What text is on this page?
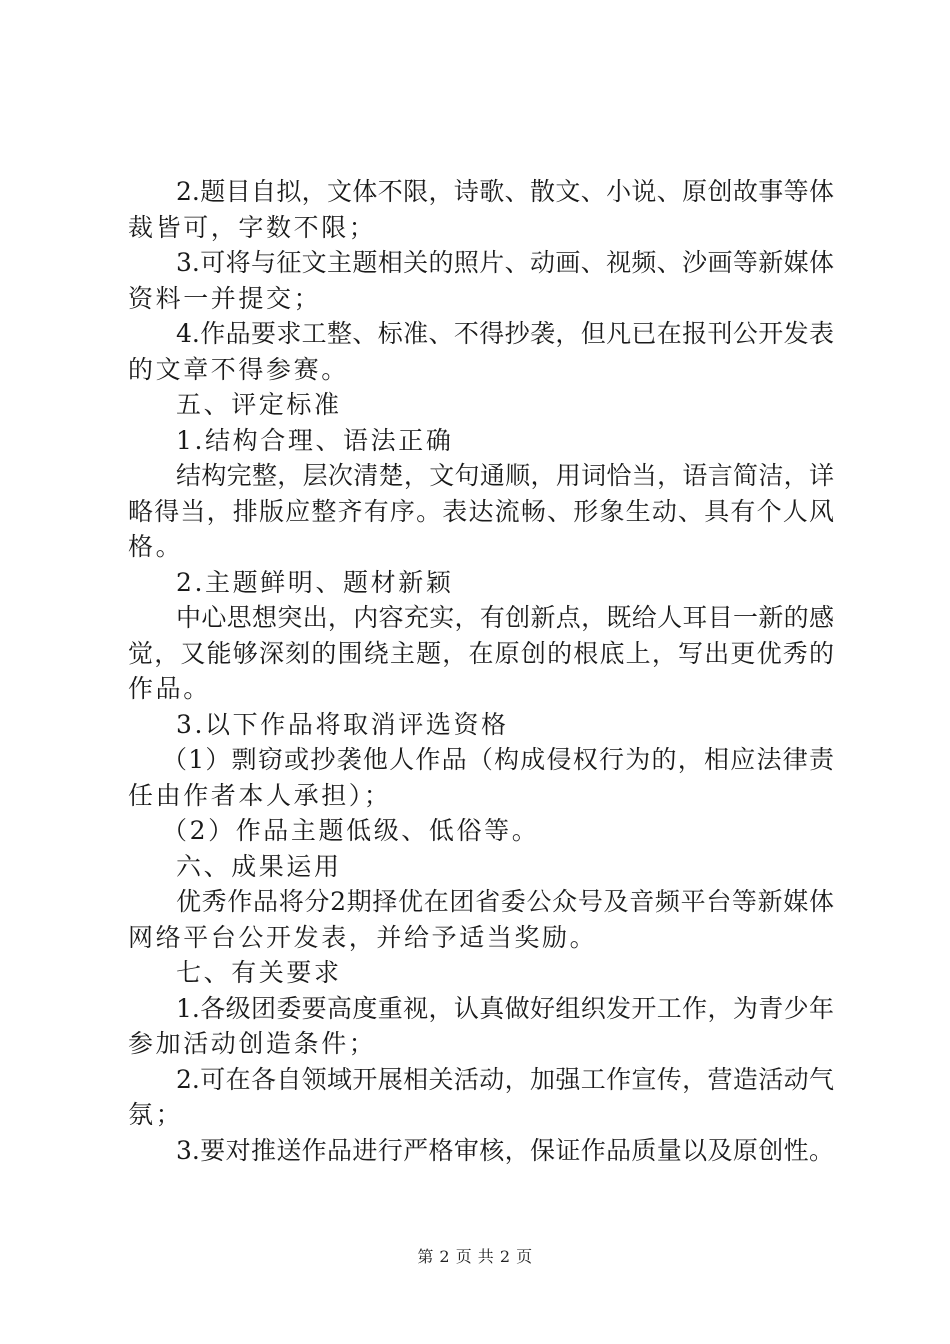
2.题目自拟，文体不限，诗歌、散文、小说、原创故事等体
裁皆可，字数不限；
3.可将与征文主题相关的照片、动画、视频、沙画等新媒体
资料一并提交；
4.作品要求工整、标准、不得抄袭，但凡已在报刊公开发表
的文章不得参赛。
五、评定标准
1.结构合理、语法正确
结构完整，层次清楚，文句通顺，用词恰当，语言简洁，详
略得当，排版应整齐有序。表达流畅、形象生动、具有个人风
格。
2.主题鲜明、题材新颖
中心思想突出，内容充实，有创新点，既给人耳目一新的感
觉，又能够深刻的围绕主题，在原创的根底上，写出更优秀的
作品。
3.以下作品将取消评选资格
（1）剽窃或抄袭他人作品（构成侵权行为的，相应法律责
任由作者本人承担）；
（2）作品主题低级、低俗等。
六、成果运用
优秀作品将分2期择优在团省委公众号及音频平台等新媒体
网络平台公开发表，并给予适当奖励。
七、有关要求
1.各级团委要高度重视，认真做好组织发开工作，为青少年
参加活动创造条件；
2.可在各自领域开展相关活动，加强工作宣传，营造活动气
氛；
3.要对推送作品进行严格审核，保证作品质量以及原创性。
第 2 页 共 2 页
